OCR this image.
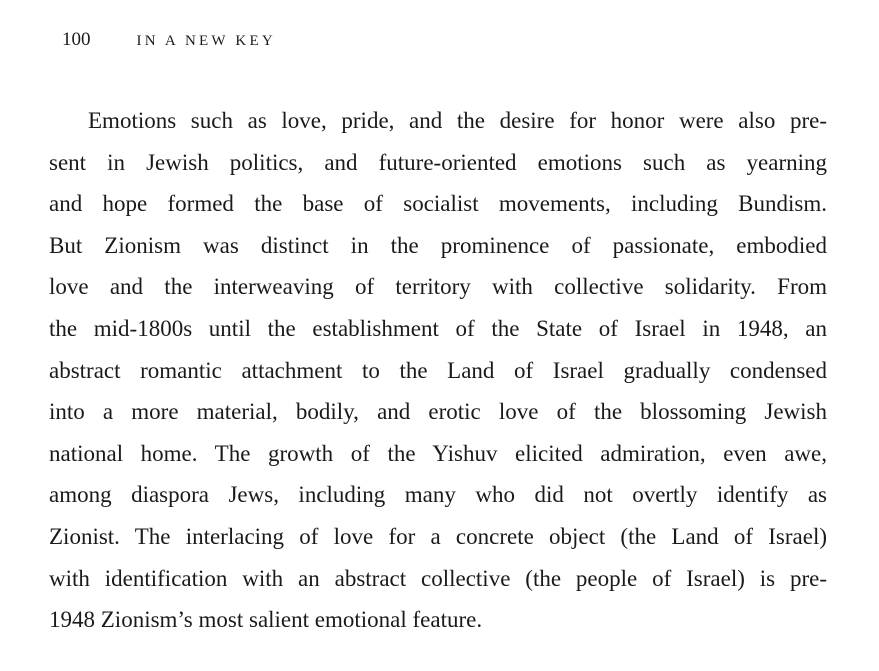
100	IN A NEW KEY
Emotions such as love, pride, and the desire for honor were also pre-
sent in Jewish politics, and future-oriented emotions such as yearning
and hope formed the base of socialist movements, including Bundism.
But Zionism was distinct in the prominence of passionate, embodied
love and the interweaving of territory with collective solidarity. From
the mid-1800s until the establishment of the State of Israel in 1948, an
abstract romantic attachment to the Land of Israel gradually condensed
into a more material, bodily, and erotic love of the blossoming Jewish
national home. The growth of the Yishuv elicited admiration, even awe,
among diaspora Jews, including many who did not overtly identify as
Zionist. The interlacing of love for a concrete object (the Land of Israel)
with identification with an abstract collective (the people of Israel) is pre-
1948 Zionism’s most salient emotional feature.
